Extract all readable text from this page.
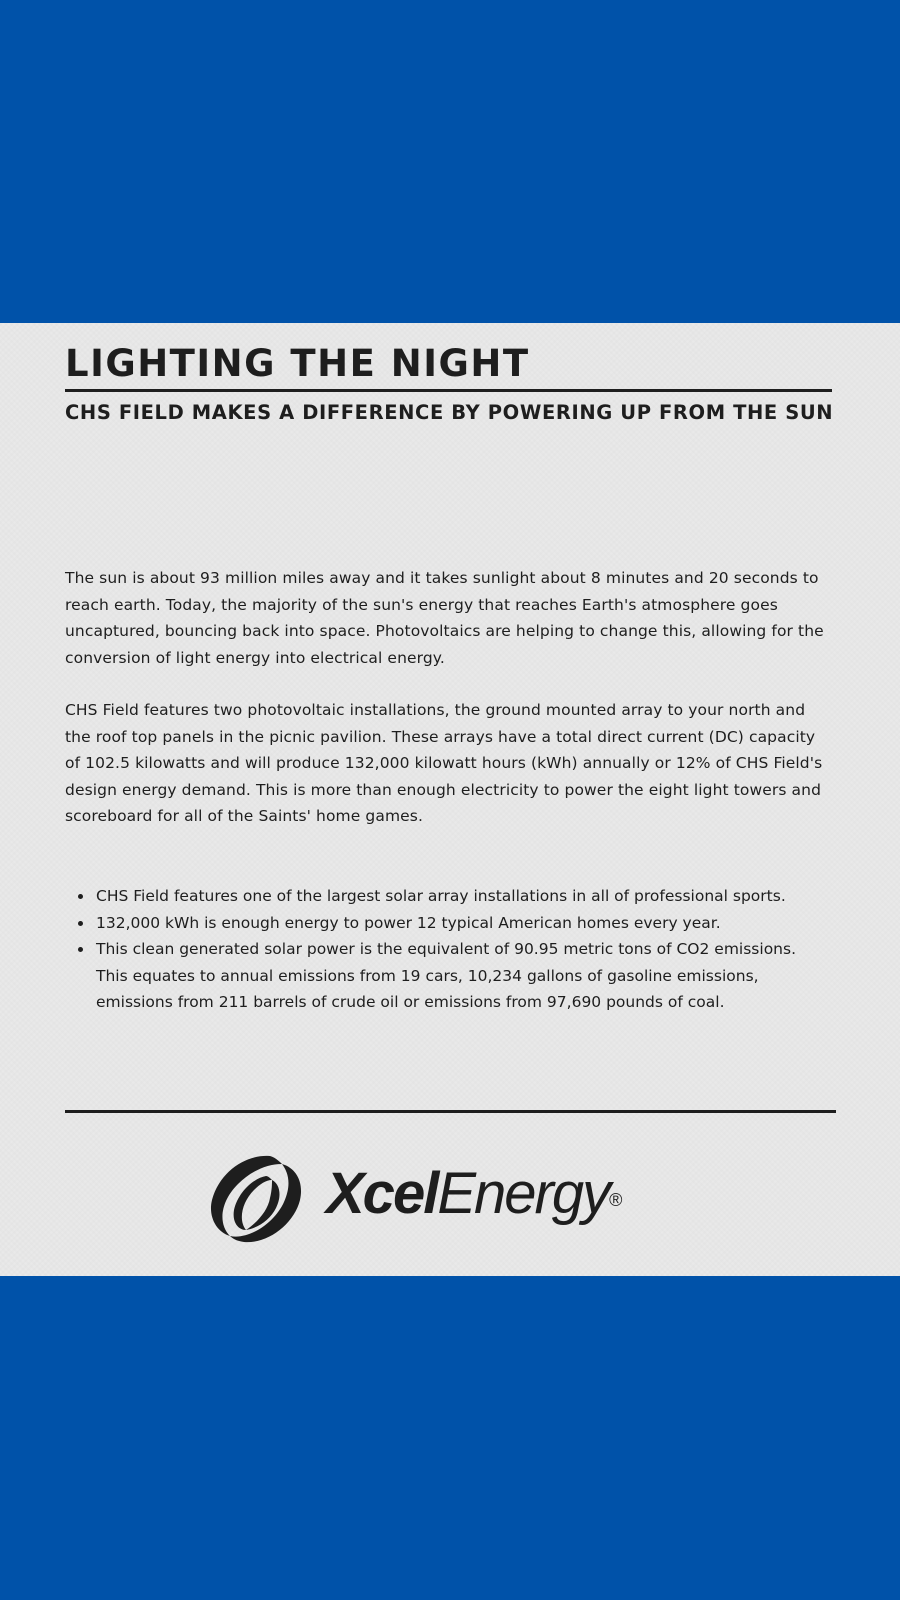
LIGHTING THE NIGHT
CHS FIELD MAKES A DIFFERENCE BY POWERING UP FROM THE SUN

The sun is about 93 million miles away and it takes sunlight about 8 minutes and 20 seconds to reach earth. Today, the majority of the sun's energy that reaches Earth's atmosphere goes uncaptured, bouncing back into space. Photovoltaics are helping to change this, allowing for the conversion of light energy into electrical energy.

CHS Field features two photovoltaic installations, the ground mounted array to your north and the roof top panels in the picnic pavilion. These arrays have a total direct current (DC) capacity of 102.5 kilowatts and will produce 132,000 kilowatt hours (kWh) annually or 12% of CHS Field's design energy demand. This is more than enough electricity to power the eight light towers and scoreboard for all of the Saints' home games.

CHS Field features one of the largest solar array installations in all of professional sports.
132,000 kWh is enough energy to power 12 typical American homes every year.
This clean generated solar power is the equivalent of 90.95 metric tons of CO2 emissions. This equates to annual emissions from 19 cars, 10,234 gallons of gasoline emissions, emissions from 211 barrels of crude oil or emissions from 97,690 pounds of coal.
XcelEnergy®
